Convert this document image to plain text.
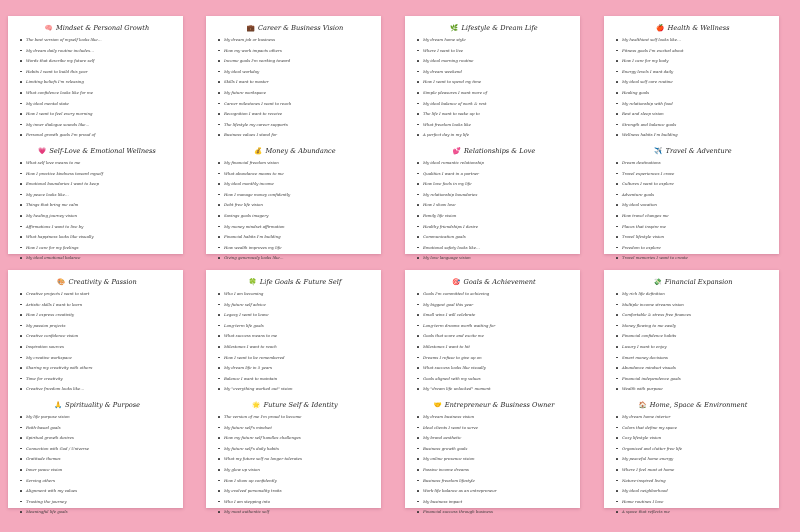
🧠 Mindset & Personal Growth
The best version of myself looks like…
My dream daily routine includes…
Words that describe my future self
Habits I want to build this year
Limiting beliefs I'm releasing
What confidence looks like for me
My ideal mental state
How I want to feel every morning
My inner dialogue sounds like…
Personal growth goals I'm proud of
💗 Self-Love & Emotional Wellness
What self love means to me
How I practice kindness toward myself
Emotional boundaries I want to keep
My peace looks like…
Things that bring me calm
My healing journey vision
Affirmations I want to live by
What happiness looks like visually
How I care for my feelings
My ideal emotional balance
💼 Career & Business Vision
My dream job or business
How my work impacts others
Income goals I'm working toward
My ideal workday
Skills I want to master
My future workspace
Career milestones I want to reach
Recognition I want to receive
The lifestyle my career supports
Business values I stand for
💰 Money & Abundance
My financial freedom vision
What abundance means to me
My ideal monthly income
How I manage money confidently
Debt free life vision
Savings goals imagery
My money mindset affirmation
Financial habits I'm building
How wealth improves my life
Giving generously looks like…
🌿 Lifestyle & Dream Life
My dream home style
Where I want to live
My ideal morning routine
My dream weekend
How I want to spend my time
Simple pleasures I want more of
My ideal balance of work & rest
The life I want to wake up to
What freedom looks like
A perfect day in my life
💕 Relationships & Love
My ideal romantic relationship
Qualities I want in a partner
How love feels in my life
My relationship boundaries
How I show love
Family life vision
Healthy friendships I desire
Communication goals
Emotional safety looks like…
My love language vision
🍎 Health & Wellness
My healthiest self looks like…
Fitness goals I'm excited about
How I care for my body
Energy levels I want daily
My ideal self care routine
Healing goals
My relationship with food
Rest and sleep vision
Strength and balance goals
Wellness habits I'm building
✈️ Travel & Adventure
Dream destinations
Travel experiences I crave
Cultures I want to explore
Adventure goals
My ideal vacation
How travel changes me
Places that inspire me
Travel lifestyle vision
Freedom to explore
Travel memories I want to create
🎨 Creativity & Passion
Creative projects I want to start
Artistic skills I want to learn
How I express creativity
My passion projects
Creative confidence vision
Inspiration sources
My creative workspace
Sharing my creativity with others
Time for creativity
Creative freedom looks like…
🙏 Spirituality & Purpose
My life purpose vision
Faith-based goals
Spiritual growth desires
Connection with God / Universe
Gratitude themes
Inner peace vision
Serving others
Alignment with my values
Trusting the journey
Meaningful life goals
🍀 Life Goals & Future Self
Who I am becoming
My future self advice
Legacy I want to leave
Long-term life goals
What success means to me
Milestones I want to reach
How I want to be remembered
My dream life in 5 years
Balance I want to maintain
My "everything worked out" vision
🌟 Future Self & Identity
The version of me I'm proud to become
My future self's mindset
How my future self handles challenges
My future self's daily habits
What my future self no longer tolerates
My glow up vision
How I show up confidently
My evolved personality traits
Who I am stepping into
My most authentic self
🎯 Goals & Achievement
Goals I'm committed to achieving
My biggest goal this year
Small wins I will celebrate
Long-term dreams worth waiting for
Goals that scare and excite me
Milestones I want to hit
Dreams I refuse to give up on
What success looks like visually
Goals aligned with my values
My "dream life unlocked" moment
🤝 Entrepreneur & Business Owner
My dream business vision
Ideal clients I want to serve
My brand aesthetic
Business growth goals
My online presence vision
Passive income dreams
Business freedom lifestyle
Work-life balance as an entrepreneur
My business impact
Financial success through business
💸 Financial Expansion
My rich life definition
Multiple income streams vision
Comfortable & stress free finances
Money flowing to me easily
Financial confidence habits
Luxury I want to enjoy
Smart money decisions
Abundance mindset visuals
Financial independence goals
Wealth with purpose
🏠 Home, Space & Environment
My dream home interior
Colors that define my space
Cozy lifestyle vision
Organized and clutter free life
My peaceful home energy
Where I feel most at home
Nature-inspired living
My ideal neighborhood
Home routines I love
A space that reflects me
